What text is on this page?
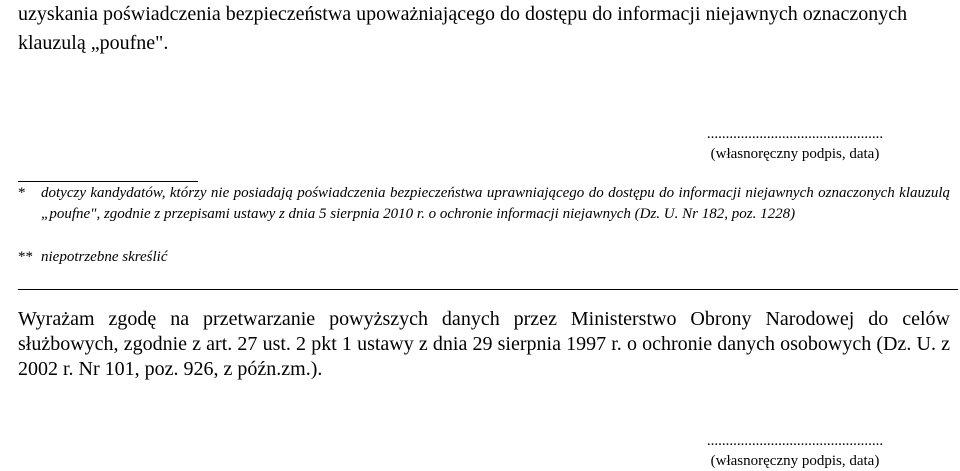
uzyskania poświadczenia bezpieczeństwa upoważniającego do dostępu do informacji niejawnych oznaczonych klauzulą „poufne".
...............................................
(własnoręczny podpis, data)
* dotyczy kandydatów, którzy nie posiadają poświadczenia bezpieczeństwa uprawniającego do dostępu do informacji niejawnych oznaczonych klauzulą „poufne", zgodnie z przepisami ustawy z dnia 5 sierpnia 2010 r. o ochronie informacji niejawnych (Dz. U. Nr 182, poz. 1228)
** niepotrzebne skreślić
Wyrażam zgodę na przetwarzanie powyższych danych przez Ministerstwo Obrony Narodowej do celów służbowych, zgodnie z art. 27 ust. 2 pkt 1 ustawy z dnia 29 sierpnia 1997 r. o ochronie danych osobowych (Dz. U. z 2002 r. Nr 101, poz. 926, z późn.zm.).
...............................................
(własnoręczny podpis, data)
